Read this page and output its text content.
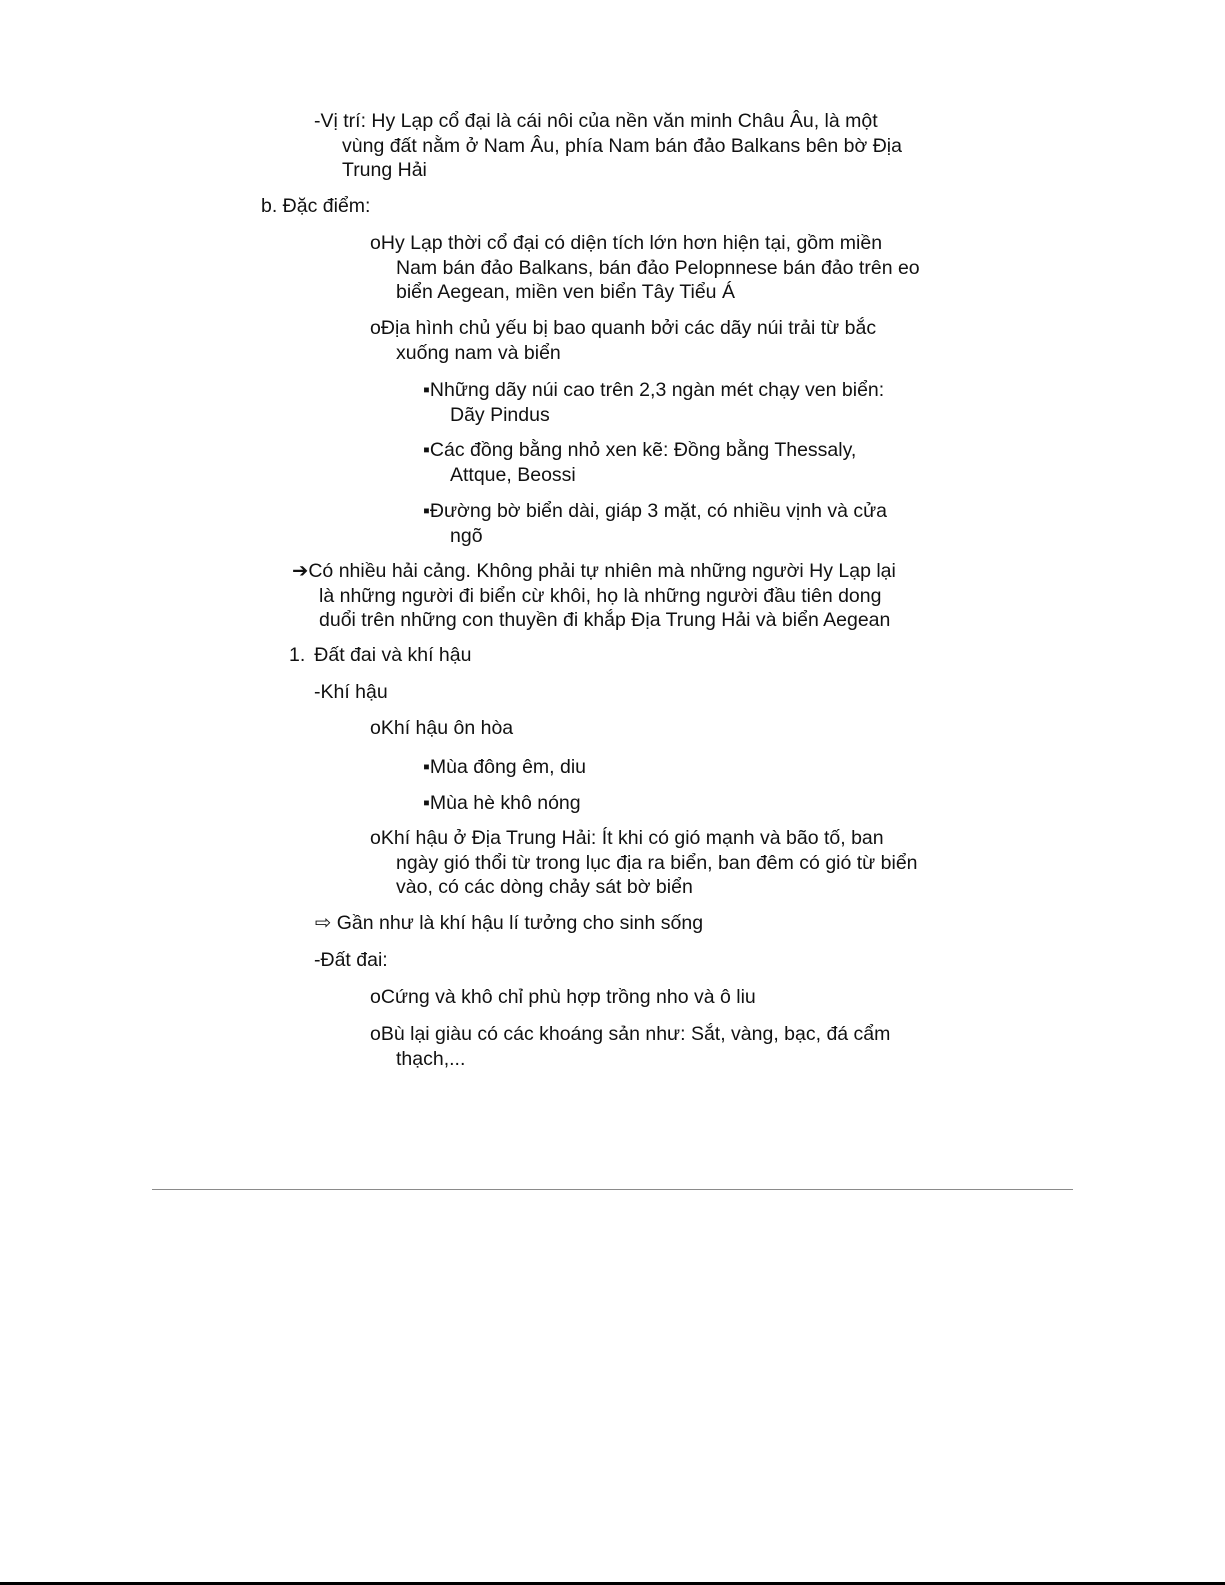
-Vị trí: Hy Lạp cổ đại là cái nôi của nền văn minh Châu Âu, là một
vùng đất nằm ở Nam Âu, phía Nam bán đảo Balkans bên bờ Địa
Trung Hải
b. Đặc điểm:
oHy Lạp thời cổ đại có diện tích lớn hơn hiện tại, gồm miền
Nam bán đảo Balkans, bán đảo Pelopnnese bán đảo trên eo
biển Aegean, miền ven biển Tây Tiểu Á
oĐịa hình chủ yếu bị bao quanh bởi các dãy núi trải từ bắc
xuống nam và biển
▪Những dãy núi cao trên 2,3 ngàn mét chạy ven biển:
Dãy Pindus
▪Các đồng bằng nhỏ xen kẽ: Đồng bằng Thessaly,
Attque, Beossi
▪Đường bờ biển dài, giáp 3 mặt, có nhiều vịnh và cửa
ngõ
➔Có nhiều hải cảng. Không phải tự nhiên mà những người Hy Lạp lại
là những người đi biển cừ khôi, họ là những người đầu tiên dong
duổi trên những con thuyền đi khắp Địa Trung Hải và biển Aegean
1. Đất đai và khí hậu
-Khí hậu
oKhí hậu ôn hòa
▪Mùa đông êm, diu
▪Mùa hè khô nóng
oKhí hậu ở Địa Trung Hải: Ít khi có gió mạnh và bão tố, ban
ngày gió thổi từ trong lục địa ra biển, ban đêm có gió từ biển
vào, có các dòng chảy sát bờ biển
⇨ Gần như là khí hậu lí tưởng cho sinh sống
-Đất đai:
oCứng và khô chỉ phù hợp trồng nho và ô liu
oBù lại giàu có các khoáng sản như: Sắt, vàng, bạc, đá cẩm
thạch,...
